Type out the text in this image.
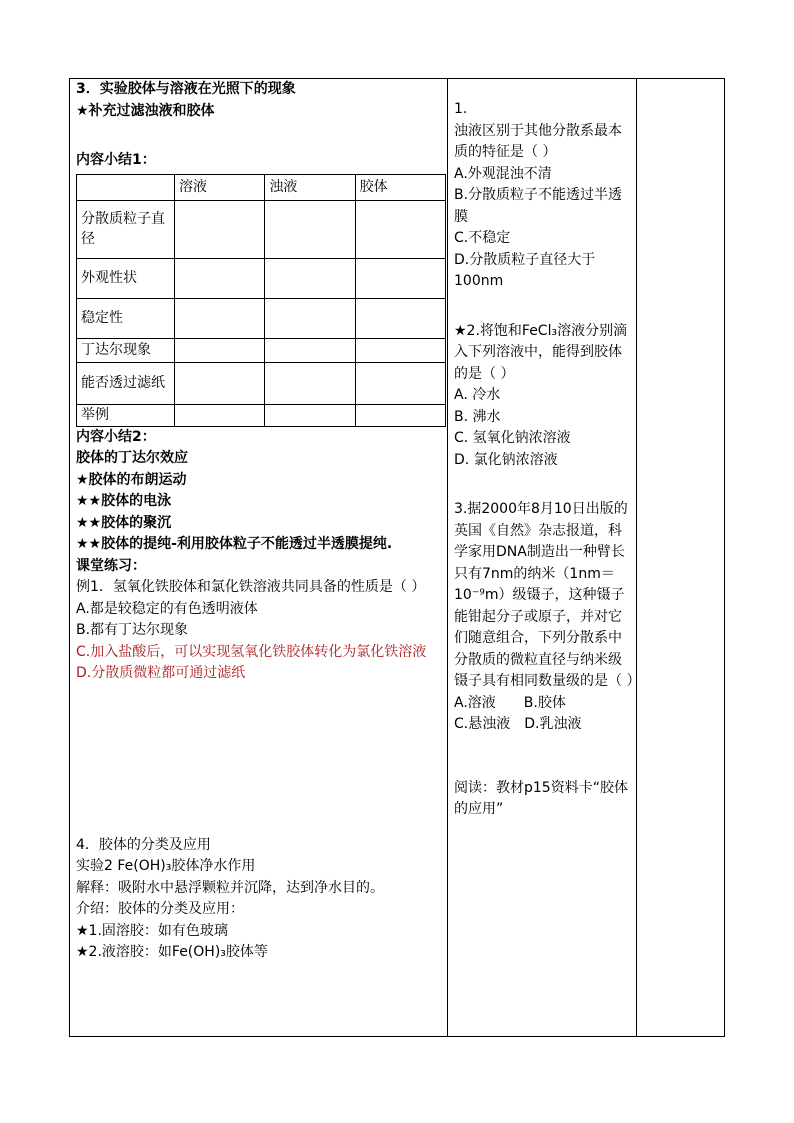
3．实验胶体与溶液在光照下的现象
★补充过滤浊液和胶体
内容小结1：
	溶液	浊液	胶体
分散质粒子直径			
外观性状			
稳定性			
丁达尔现象			
能否透过滤纸			
举例			
内容小结2：
胶体的丁达尔效应
★胶体的布朗运动
★★胶体的电泳
★★胶体的聚沉
★★胶体的提纯-利用胶体粒子不能透过半透膜提纯.
课堂练习：
例1．氢氧化铁胶体和氯化铁溶液共同具备的性质是（ ）
A.都是较稳定的有色透明液体
B.都有丁达尔现象
C.加入盐酸后，可以实现氢氧化铁胶体转化为氯化铁溶液
D.分散质微粒都可通过滤纸
4．胶体的分类及应用
实验2 Fe(OH)₃胶体净水作用
解释：吸附水中悬浮颗粒并沉降，达到净水目的。
介绍：胶体的分类及应用：
★1.固溶胶：如有色玻璃
★2.液溶胶：如Fe(OH)₃胶体等
1.
浊液区别于其他分散系最本质的特征是（ ）
A.外观混浊不清
B.分散质粒子不能透过半透膜
C.不稳定
D.分散质粒子直径大于100nm
★2.将饱和FeCl₃溶液分别滴入下列溶液中，能得到胶体的是（ ）
A. 冷水
B. 沸水
C. 氢氧化钠浓溶液
D. 氯化钠浓溶液
3.据2000年8月10日出版的英国《自然》杂志报道，科学家用DNA制造出一种臂长只有7nm的纳米（1nm＝10⁻⁹m）级镊子，这种镊子能钳起分子或原子，并对它们随意组合，下列分散系中分散质的微粒直径与纳米级镊子具有相同数量级的是（ ）
A.溶液　　B.胶体
C.悬浊液　D.乳浊液
阅读：教材p15资料卡“胶体的应用”
